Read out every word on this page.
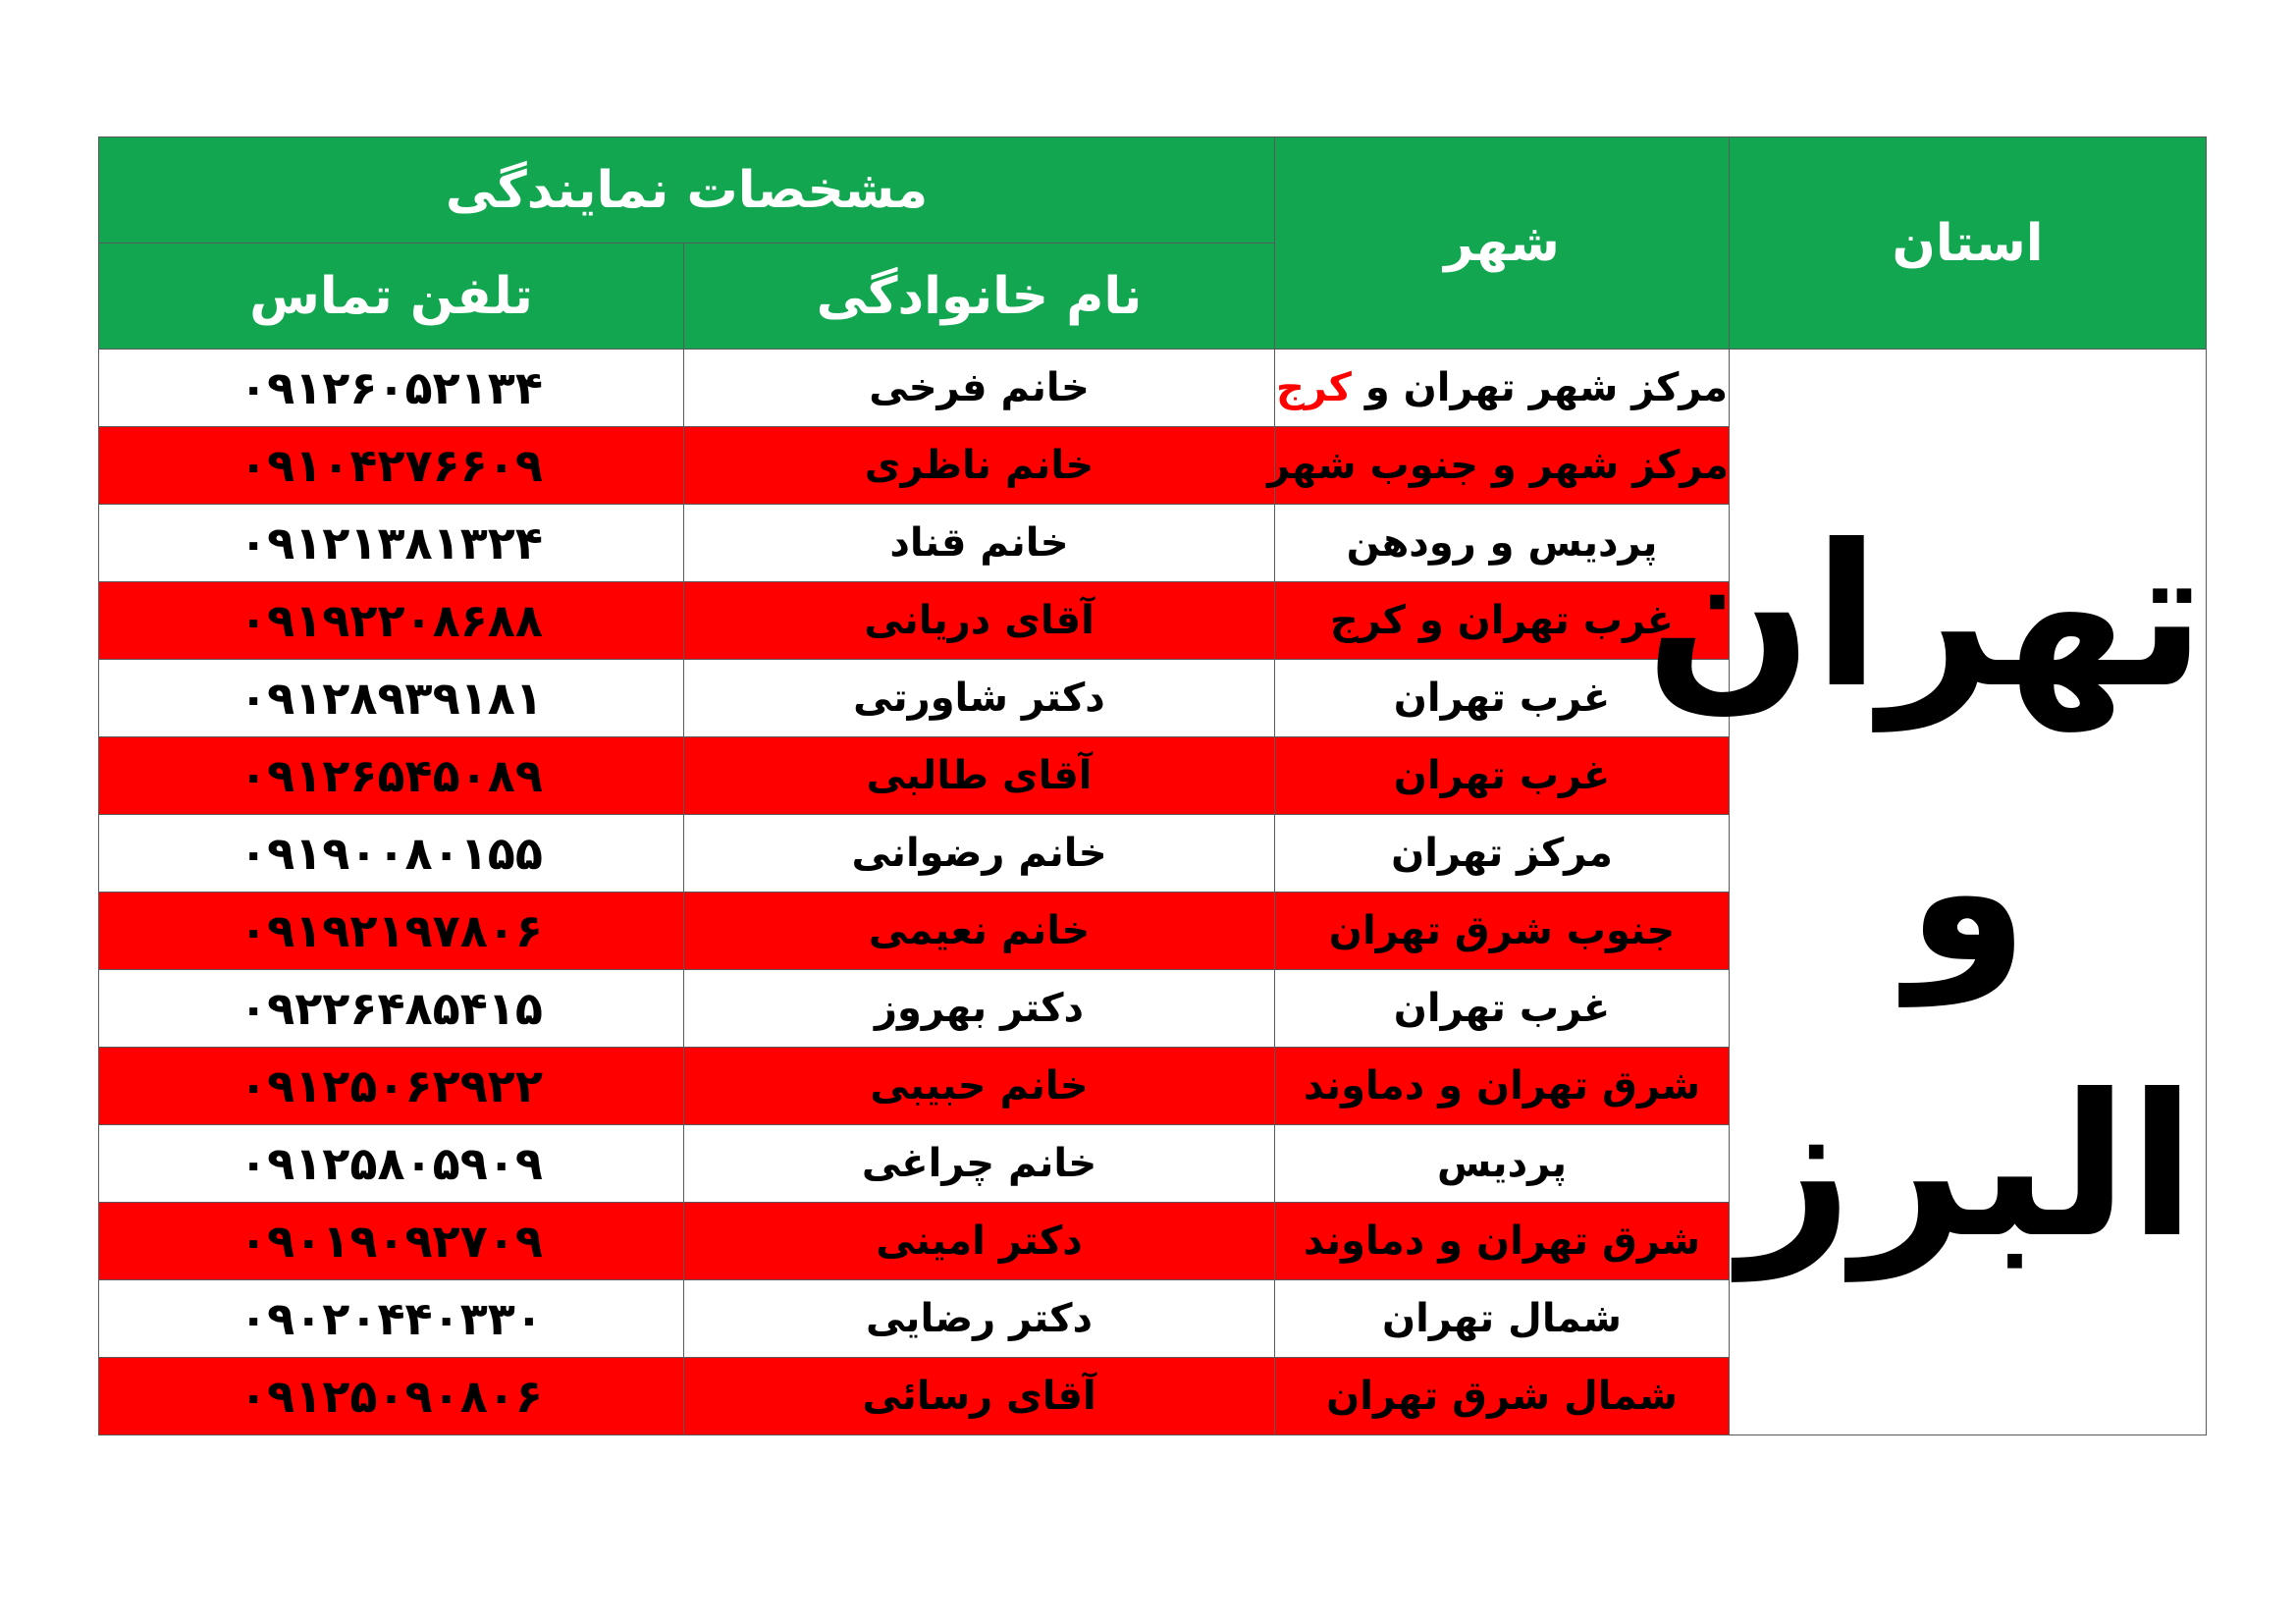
استان	شهر	مشخصات نمایندگی	
		نام خانوادگی	تلفن تماس

تهران
و
البرز	مرکز شهر تهران و کرج	خانم فرخی	۰۹۱۲۶۰۵۲۱۳۴
	مرکز شهر و جنوب شهر	خانم ناظری	۰۹۱۰۴۲۷۶۶۰۹
	پردیس و رودهن	خانم قناد	۰۹۱۲۱۳۸۱۳۲۴
	غرب تهران و کرج	آقای دریانی	۰۹۱۹۲۲۰۸۶۸۸
	غرب تهران	دکتر شاورتی	۰۹۱۲۸۹۳۹۱۸۱
	غرب تهران	آقای طالبی	۰۹۱۲۶۵۴۵۰۸۹
	مرکز تهران	خانم رضوانی	۰۹۱۹۰۰۸۰۱۵۵
	جنوب شرق تهران	خانم نعیمی	۰۹۱۹۲۱۹۷۸۰۶
	غرب تهران	دکتر بهروز	۰۹۲۲۶۴۸۵۴۱۵
	شرق تهران و دماوند	خانم حبیبی	۰۹۱۲۵۰۶۲۹۲۲
	پردیس	خانم چراغی	۰۹۱۲۵۸۰۵۹۰۹
	شرق تهران و دماوند	دکتر امینی	۰۹۰۱۹۰۹۲۷۰۹
	شمال تهران	دکتر رضایی	۰۹۰۲۰۴۴۰۳۳۰
	شمال شرق تهران	آقای رسائی	۰۹۱۲۵۰۹۰۸۰۶
